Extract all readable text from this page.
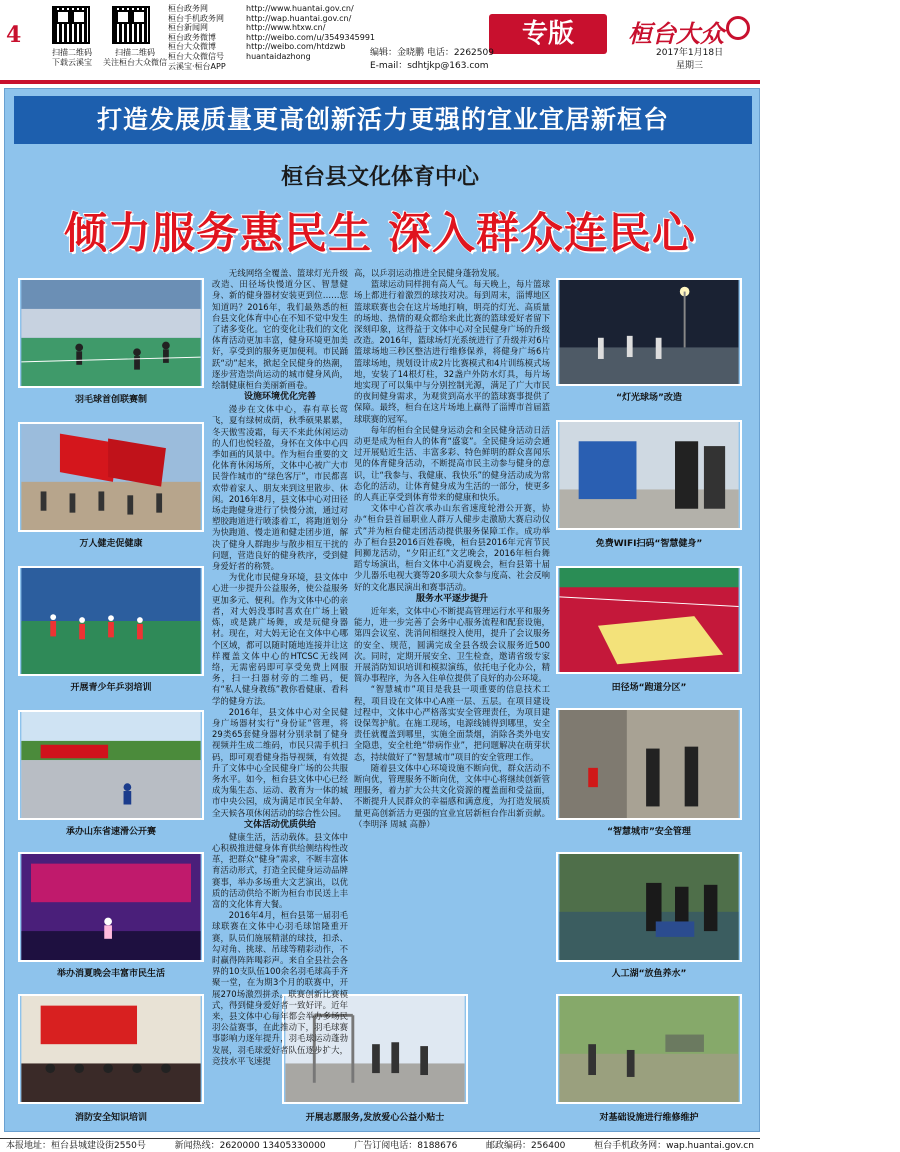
4
扫描二维码
下载云溪宝
扫描二维码
关注桓台大众微信
桓台政务网	http://www.huantai.gov.cn/
桓台手机政务网	http://wap.huantai.gov.cn/
桓台新闻网	http://www.htxw.cn/
桓台政务微博	http://weibo.com/u/3549345991
桓台大众微博	http://weibo.com/htdzwb
桓台大众微信号	huantaidazhong
云溪宝·桓台APP
专版	桓台大众
编辑：金晓鹏 电话：2262509
E-mail：sdhtjkp@163.com
2017年1月18日
星期三
打造发展质量更高创新活力更强的宜业宜居新桓台
桓台县文化体育中心
倾力服务惠民生 深入群众连民心
羽毛球首创联赛制
万人健走促健康
开展青少年乒羽培训
承办山东省速滑公开赛
举办消夏晚会丰富市民生活
消防安全知识培训	开展志愿服务,发放爱心公益小贴士	对基础设施进行维修维护
“灯光球场”改造
免费WIFI扫码“智慧健身”
田径场“跑道分区”
“智慧城市”安全管理
人工湖“放鱼养水”

无线网络全覆盖、篮球灯光升级改造、田径场快慢道分区、智慧健身、新的健身器材安装更到位……您知道吗？2016年，我们最熟悉的桓台县文化体育中心在不知不觉中发生了诸多变化。它的变化让我们的文化体育活动更加丰富，健身环境更加美好，享受到的服务更加便利。市民踊跃“动”起来，掀起全民健身的热潮，逐步营造崇尚运动的城市健身风尚，绘制健康桓台美丽新画卷。

设施环境优化完善

漫步在文体中心，春有草长莺飞，夏有绿树成荫，秋季硕果累累，冬天傲雪凌霜，每天不来此休闲运动的人们也悦轻盈，身怀在文体中心四季如画的风景中。作为桓台重要的文化体育休闲场所，文体中心被广大市民誉作城市的“绿色客厅”，市民都喜欢带着家人、朋友来到这里散步、休闲。2016年8月，县文体中心对田径场走跑健身进行了快慢分流，通过对塑胶跑道进行喷漆着工，将跑道划分为快跑道、慢走道和健走团步道，解决了健身人群跑步与散步相互干扰的问题，营造良好的健身秩序，受到健身爱好者的称赞。

为优化市民健身环境，县文体中心进一步提升公益服务，使公益服务更加多元、便利。作为文体中心的亲者，对大妈没事时喜欢在广场上锻炼，或是跳广场舞，或是玩健身器材。现在，对大妈无论在文体中心哪个区域，都可以随时随地连接并让这样覆盖文体中心的HTCSC无线网络，无需密码即可享受免费上网服务，扫一扫器材旁的二维码，便有“私人健身教练”教你看健康、看科学的健身方法。

2016年，县文体中心对全民健身广场器材实行“身份证”管理，将29类65套健身器材分别录制了健身视频并生成二维码，市民只需手机扫码，即可观看健身指导视频，有效提升了文体中心全民健身广场的公共服务水平。如今，桓台县文体中心已经成为集生态、运动、教育为一体的城市中央公园，成为满足市民全年龄、全天候各项休闲活动的综合性公园。

文体活动优质供给

健康生活，活动载体。县文体中心积极推进健身体育供给侧结构性改革，把群众“健身”需求，不断丰富体育活动形式，打造全民健身运动品牌赛事，举办多场重大文艺演出，以优质的活动供给不断为桓台市民送上丰富的文化体育大餐。

2016年4月，桓台县第一届羽毛球联赛在文体中心羽毛球馆隆重开赛，队员们施展精湛的球技，扣杀、勾对角、挑球、吊球等精彩动作，不时赢得阵阵喝彩声。来自全县社会各界的10支队伍100余名羽毛球高手齐聚一堂，在为期3个月的联赛中，开展270场激烈拼杀。联赛创新比赛模式，得到健身爱好者一致好评。近年来，县文体中心每年都会举办多场民羽公益赛事，在此推动下，羽毛球赛事影响力逐年提升，羽毛球运动蓬勃发展，羽毛球爱好者队伍逐步扩大，竞技水平飞速提

高，以乒羽运动推进全民健身蓬勃发展。

篮球运动同样拥有高人气。每天晚上，每片篮球场上都进行着激烈的球技对决。每到周末，淄博地区篮球联赛也会在这片场地打响，明亮的灯光、高质量的场地、热情的观众都给来此比赛的篮球爱好者留下深刻印象，这得益于文体中心对全民健身广场的升级改造。2016年，篮球场灯光系统进行了升级并对6片篮球场地三秒区整洁进行维修保养，将健身广场6片篮球场地，规划设计成2片比赛模式和4片训练模式场地，安装了14根灯柱，32盏户外防水灯具，每片场地实现了可以集中与分别控制光源，满足了广大市民的夜间健身需求，为观赏到高水平的篮球赛事提供了保障。最终，桓台在这片场地上赢得了淄博市首届篮球联赛的冠军。

每年的桓台全民健身运动会和全民健身活动日活动更是成为桓台人的体育“盛宴”。全民健身运动会通过开展贴近生活、丰富多彩、特色鲜明的群众喜闻乐见的体育健身活动，不断提高市民主动参与健身的意识，让“我参与、我健康、我快乐”的健身活动成为常态化的活动，让体育健身成为生活的一部分，使更多的人真正享受到体育带来的健康和快乐。

文体中心首次承办山东省速度轮滑公开赛，协办“桓台县首届职业人群万人健步走激励大赛启动仪式”并为桓台健走团活动提供服务保障工作。成功举办了桓台县2016百姓春晚，桓台县2016年元宵节民间狮龙活动，“夕阳正红”文艺晚会，2016年桓台舞蹈专场演出，桓台文体中心消夏晚会，桓台县第十届少儿器乐电视大赛等20多项大众参与度高、社会反响好的文化惠民演出和赛事活动。

服务水平逐步提升

近年来，文体中心不断提高管理运行水平和服务能力，进一步完善了会务中心服务流程和配套设施，第四会议室、洗消间相继投入使用，提升了会议服务的安全、规范，圆满完成全县各级会议服务近500次。同时，定期开展安全、卫生检查，邀请省级专家开展消防知识培训和模拟演练，依托电子化办公，精简办事程序，为各入住单位提供了良好的办公环境。

“智慧城市”项目是我县一项重要的信息技术工程，项目设在文体中心A座一层、五层。在项目建设过程中，文体中心严格落实安全管理责任，为项目建设保驾护航。在施工现场，电源线铺得到哪里，安全责任就覆盖到哪里，实施全面禁烟，消除各类外电安全隐患，安全杜绝“带病作业”，把问题解决在萌芽状态，持续做好了“智慧城市”项目的安全管理工作。

随着县文体中心环境设施不断向优，群众活动不断向优，管理服务不断向优，文体中心将继续创新管理服务，着力扩大公共文化资源的覆盖面和受益面，不断提升人民群众的幸福感和满意度，为打造发展质量更高创新活力更强的宜业宜居新桓台作出新贡献。（李明泽 周城 高静）

本报地址：桓台县城建设街2550号	新闻热线：2620000 13405330000	广告订阅电话：8188676	邮政编码：256400	桓台手机政务网：wap.huantai.gov.cn
